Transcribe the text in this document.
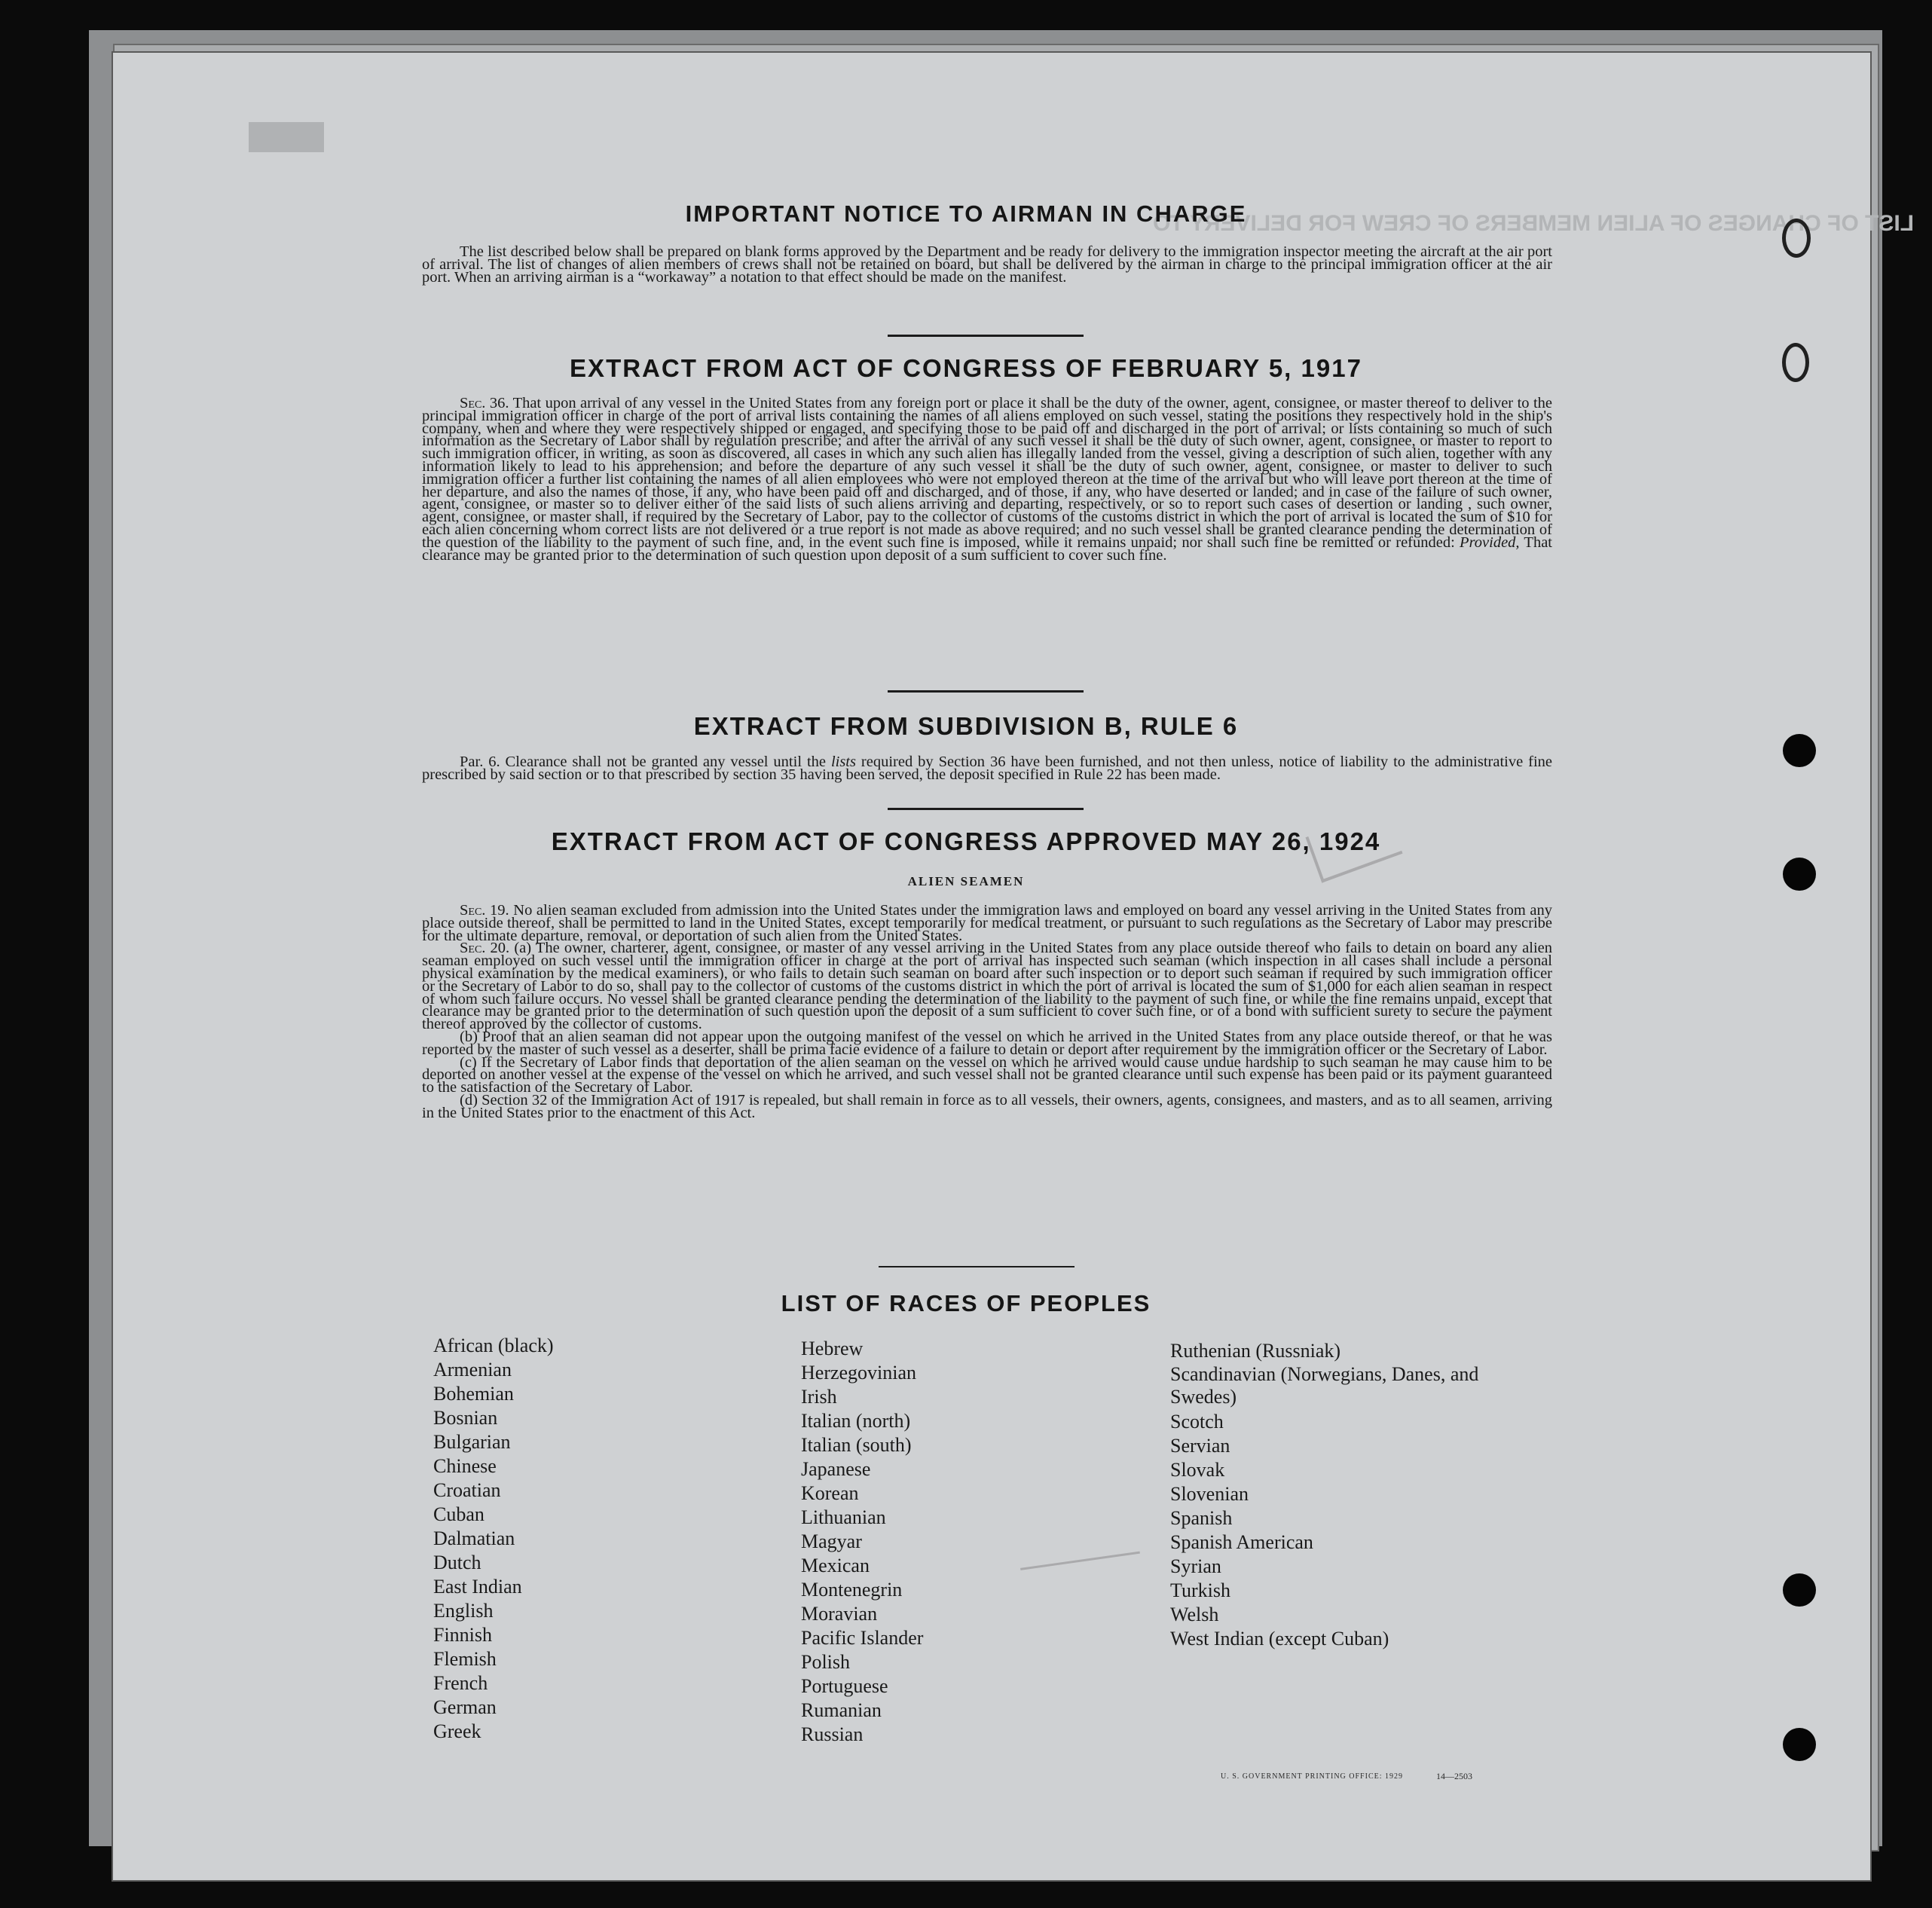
LIST OF CHANGES OF ALIEN MEMBERS OF CREW FOR DELIVERY TO
IMPORTANT NOTICE TO AIRMAN IN CHARGE

The list described below shall be prepared on blank forms approved by the Department and be ready for delivery to the immigration inspector meeting the aircraft at the air port of arrival. The list of changes of alien members of crews shall not be retained on board, but shall be delivered by the airman in charge to the principal immigration officer at the air port. When an arriving airman is a “workaway” a notation to that effect should be made on the manifest.

EXTRACT FROM ACT OF CONGRESS OF FEBRUARY 5, 1917

Sec. 36. That upon arrival of any vessel in the United States from any foreign port or place it shall be the duty of the owner, agent, consignee, or master thereof to deliver to the principal immigration officer in charge of the port of arrival lists containing the names of all aliens employed on such vessel, stating the positions they respectively hold in the ship's company, when and where they were respectively shipped or engaged, and specifying those to be paid off and discharged in the port of arrival; or lists containing so much of such information as the Secretary of Labor shall by regulation prescribe; and after the arrival of any such vessel it shall be the duty of such owner, agent, consignee, or master to report to such immigration officer, in writing, as soon as discovered, all cases in which any such alien has illegally landed from the vessel, giving a description of such alien, together with any information likely to lead to his apprehension; and before the departure of any such vessel it shall be the duty of such owner, agent, consignee, or master to deliver to such immigration officer a further list containing the names of all alien employees who were not employed thereon at the time of the arrival but who will leave port thereon at the time of her departure, and also the names of those, if any, who have been paid off and discharged, and of those, if any, who have deserted or landed; and in case of the failure of such owner, agent, consignee, or master so to deliver either of the said lists of such aliens arriving and departing, respectively, or so to report such cases of desertion or landing , such owner, agent, consignee, or master shall, if required by the Secretary of Labor, pay to the collector of customs of the customs district in which the port of arrival is located the sum of $10 for each alien concerning whom correct lists are not delivered or a true report is not made as above required; and no such vessel shall be granted clearance pending the determination of the question of the liability to the payment of such fine, and, in the event such fine is imposed, while it remains unpaid; nor shall such fine be remitted or refunded: Provided, That clearance may be granted prior to the determination of such question upon deposit of a sum sufficient to cover such fine.

EXTRACT FROM SUBDIVISION B, RULE 6

Par. 6. Clearance shall not be granted any vessel until the lists required by Section 36 have been furnished, and not then unless, notice of liability to the administrative fine prescribed by said section or to that prescribed by section 35 having been served, the deposit specified in Rule 22 has been made.

EXTRACT FROM ACT OF CONGRESS APPROVED MAY 26, 1924
ALIEN SEAMEN
Sec. 19. No alien seaman excluded from admission into the United States under the immigration laws and employed on board any vessel arriving in the United States from any place outside thereof, shall be permitted to land in the United States, except temporarily for medical treatment, or pursuant to such regulations as the Secretary of Labor may prescribe for the ultimate departure, removal, or deportation of such alien from the United States.
Sec. 20. (a) The owner, charterer, agent, consignee, or master of any vessel arriving in the United States from any place outside thereof who fails to detain on board any alien seaman employed on such vessel until the immigration officer in charge at the port of arrival has inspected such seaman (which inspection in all cases shall include a personal physical examination by the medical examiners), or who fails to detain such seaman on board after such inspection or to deport such seaman if required by such immigration officer or the Secretary of Labor to do so, shall pay to the collector of customs of the customs district in which the port of arrival is located the sum of $1,000 for each alien seaman in respect of whom such failure occurs. No vessel shall be granted clearance pending the determination of the liability to the payment of such fine, or while the fine remains unpaid, except that clearance may be granted prior to the determination of such question upon the deposit of a sum sufficient to cover such fine, or of a bond with sufficient surety to secure the payment thereof approved by the collector of customs.
(b) Proof that an alien seaman did not appear upon the outgoing manifest of the vessel on which he arrived in the United States from any place outside thereof, or that he was reported by the master of such vessel as a deserter, shall be prima facie evidence of a failure to detain or deport after requirement by the immigration officer or the Secretary of Labor.
(c) If the Secretary of Labor finds that deportation of the alien seaman on the vessel on which he arrived would cause undue hardship to such seaman he may cause him to be deported on another vessel at the expense of the vessel on which he arrived, and such vessel shall not be granted clearance until such expense has been paid or its payment guaranteed to the satisfaction of the Secretary of Labor.
(d) Section 32 of the Immigration Act of 1917 is repealed, but shall remain in force as to all vessels, their owners, agents, consignees, and masters, and as to all seamen, arriving in the United States prior to the enactment of this Act.
LIST OF RACES OF PEOPLES
African (black)
Armenian
Bohemian
Bosnian
Bulgarian
Chinese
Croatian
Cuban
Dalmatian
Dutch
East Indian
English
Finnish
Flemish
French
German
Greek
Hebrew
Herzegovinian
Irish
Italian (north)
Italian (south)
Japanese
Korean
Lithuanian
Magyar
Mexican
Montenegrin
Moravian
Pacific Islander
Polish
Portuguese
Rumanian
Russian
Ruthenian (Russniak)
Scandinavian (Norwegians, Danes, and Swedes)
Scotch
Servian
Slovak
Slovenian
Spanish
Spanish American
Syrian
Turkish
Welsh
West Indian (except Cuban)
U. S. GOVERNMENT PRINTING OFFICE: 1929	14—2503
